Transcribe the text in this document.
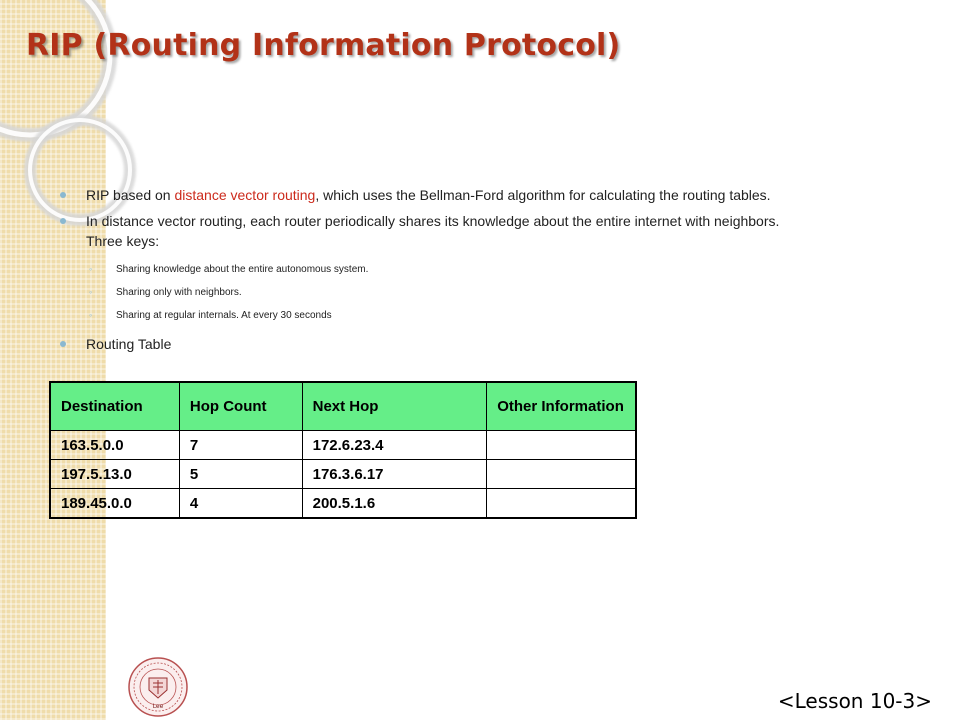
RIP (Routing Information Protocol)
RIP based on distance vector routing, which uses the Bellman-Ford algorithm for calculating the routing tables.
In distance vector routing, each router periodically shares its knowledge about the entire internet with neighbors.
Three keys:
◦ Sharing knowledge about the entire autonomous system.
◦ Sharing only with neighbors.
◦ Sharing at regular internals. At every 30 seconds
Routing Table
Destination	Hop Count	Next Hop	Other Information
163.5.0.0	7	172.6.23.4	
197.5.13.0	5	176.3.6.17	
189.45.0.0	4	200.5.1.6	
Lee	<Lesson 10-3>
